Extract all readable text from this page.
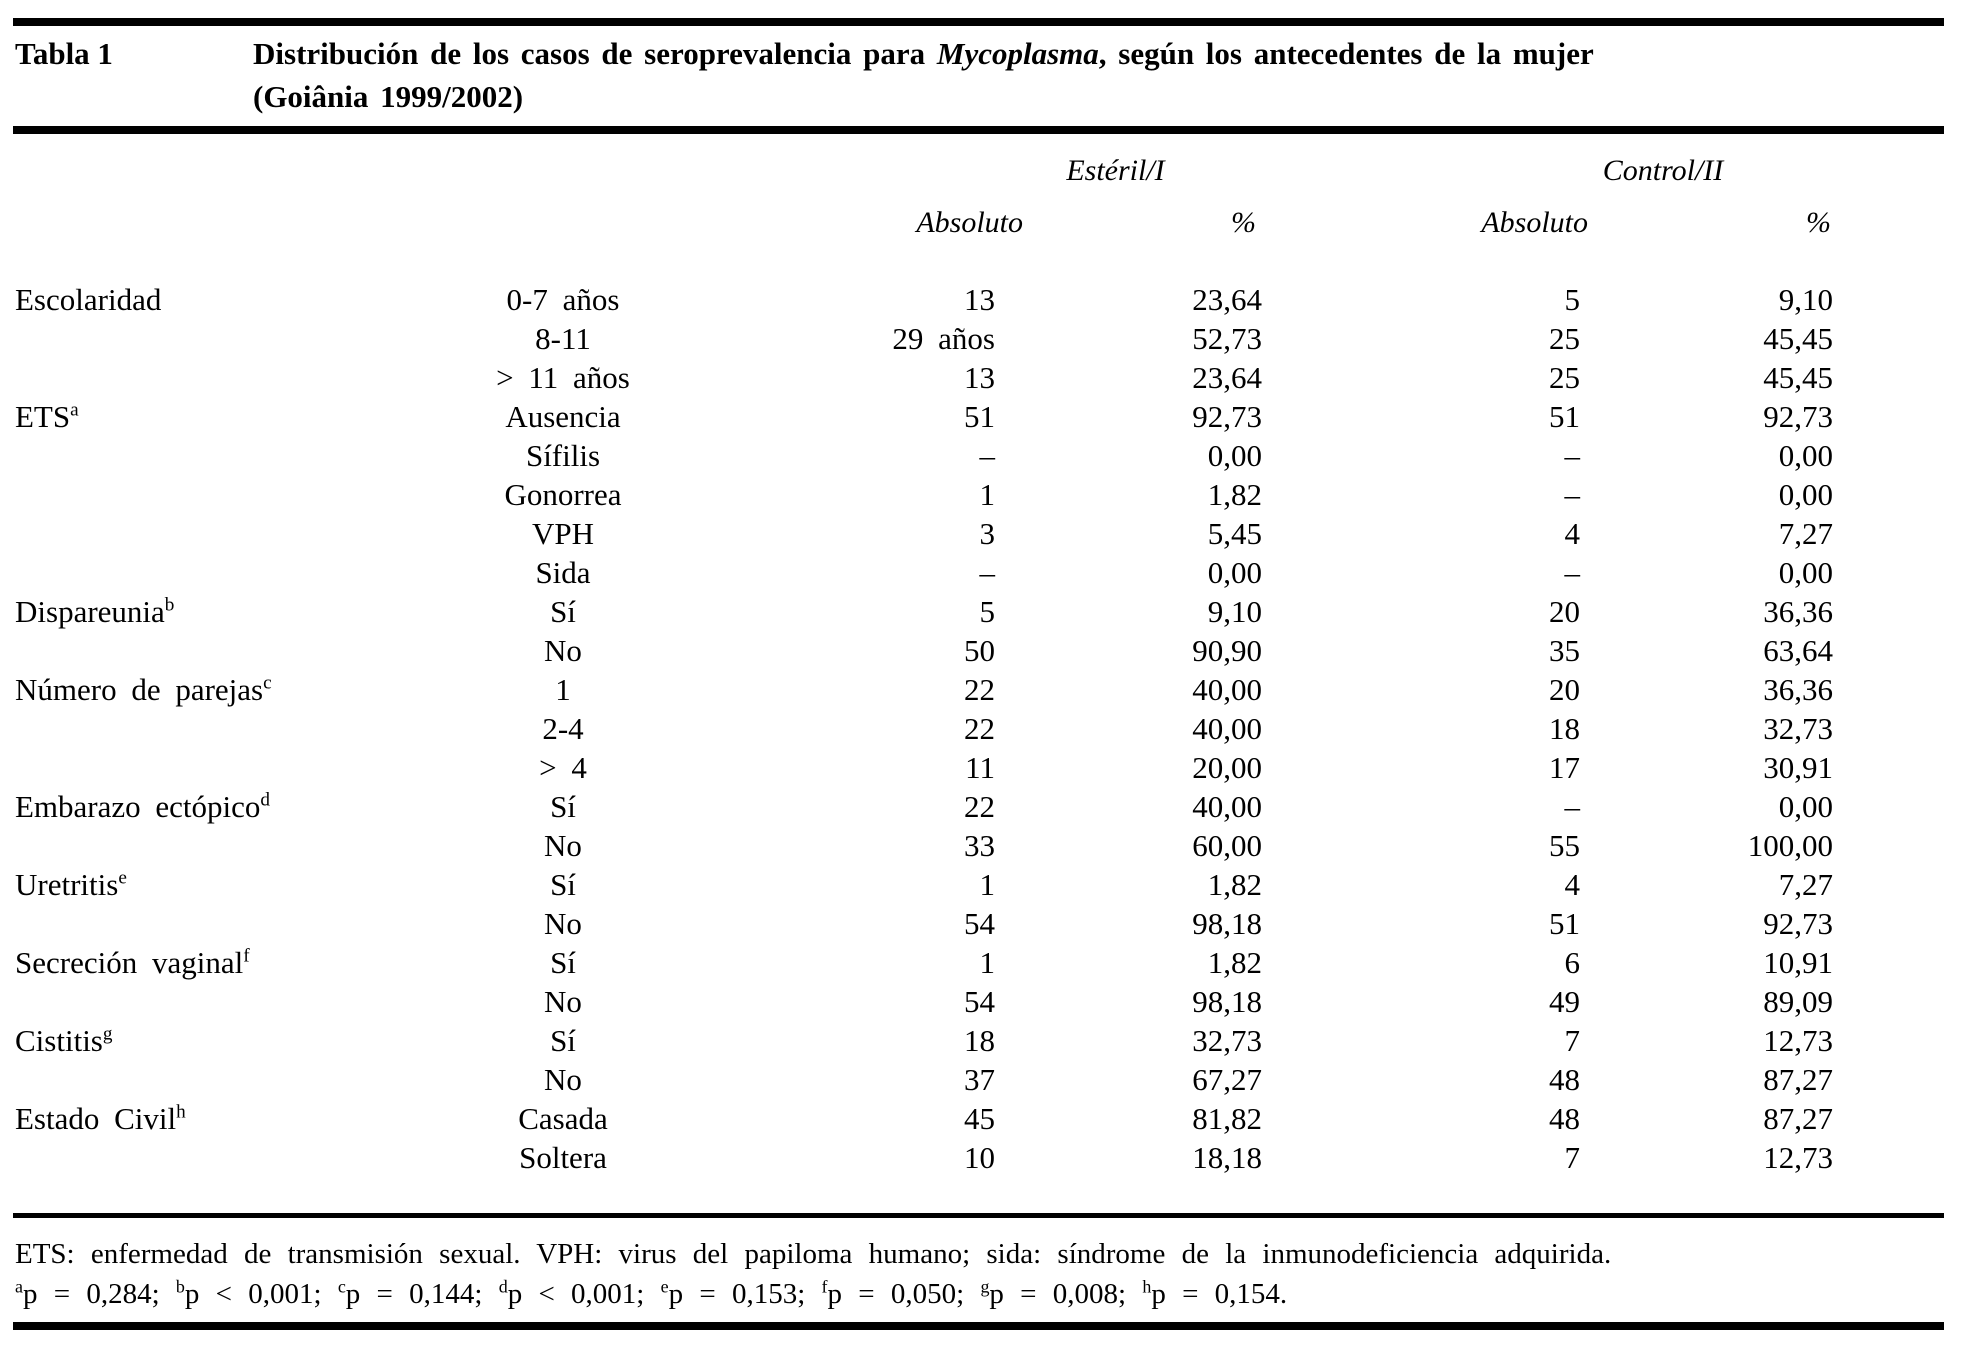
Tabla 1	Distribución de los casos de seroprevalencia para Mycoplasma, según los antecedentes de la mujer
(Goiânia 1999/2002)
		Estéril/I		Control/II		
		Absoluto	%	Absoluto	%	

Escolaridad	0-7 años	13	23,64	5	9,10	
	8-11	29 años	52,73	25	45,45	
	> 11 años	13	23,64	25	45,45	
ETS$^a$	Ausencia	51	92,73	51	92,73	
	Sífilis	–	0,00	–	0,00	
	Gonorrea	1	1,82	–	0,00	
	VPH	3	5,45	4	7,27	
	Sida	–	0,00	–	0,00	
Dispareunia$^b$	Sí	5	9,10	20	36,36	
	No	50	90,90	35	63,64	
Número de parejas$^c$	1	22	40,00	20	36,36	
	2-4	22	40,00	18	32,73	
	> 4	11	20,00	17	30,91	
Embarazo ectópico$^d$	Sí	22	40,00	–	0,00	
	No	33	60,00	55	100,00	
Uretritis$^e$	Sí	1	1,82	4	7,27	
	No	54	98,18	51	92,73	
Secreción vaginal$^f$	Sí	1	1,82	6	10,91	
	No	54	98,18	49	89,09	
Cistitis$^g$	Sí	18	32,73	7	12,73	
	No	37	67,27	48	87,27	
Estado Civil$^h$	Casada	45	81,82	48	87,27	
	Soltera	10	18,18	7	12,73	
ETS: enfermedad de transmisión sexual. VPH: virus del papiloma humano; sida: síndrome de la inmunodeficiencia adquirida.
$^a$p = 0,284; $^b$p < 0,001; $^c$p = 0,144; $^d$p < 0,001; $^e$p = 0,153; $^f$p = 0,050; $^g$p = 0,008; $^h$p = 0,154.
